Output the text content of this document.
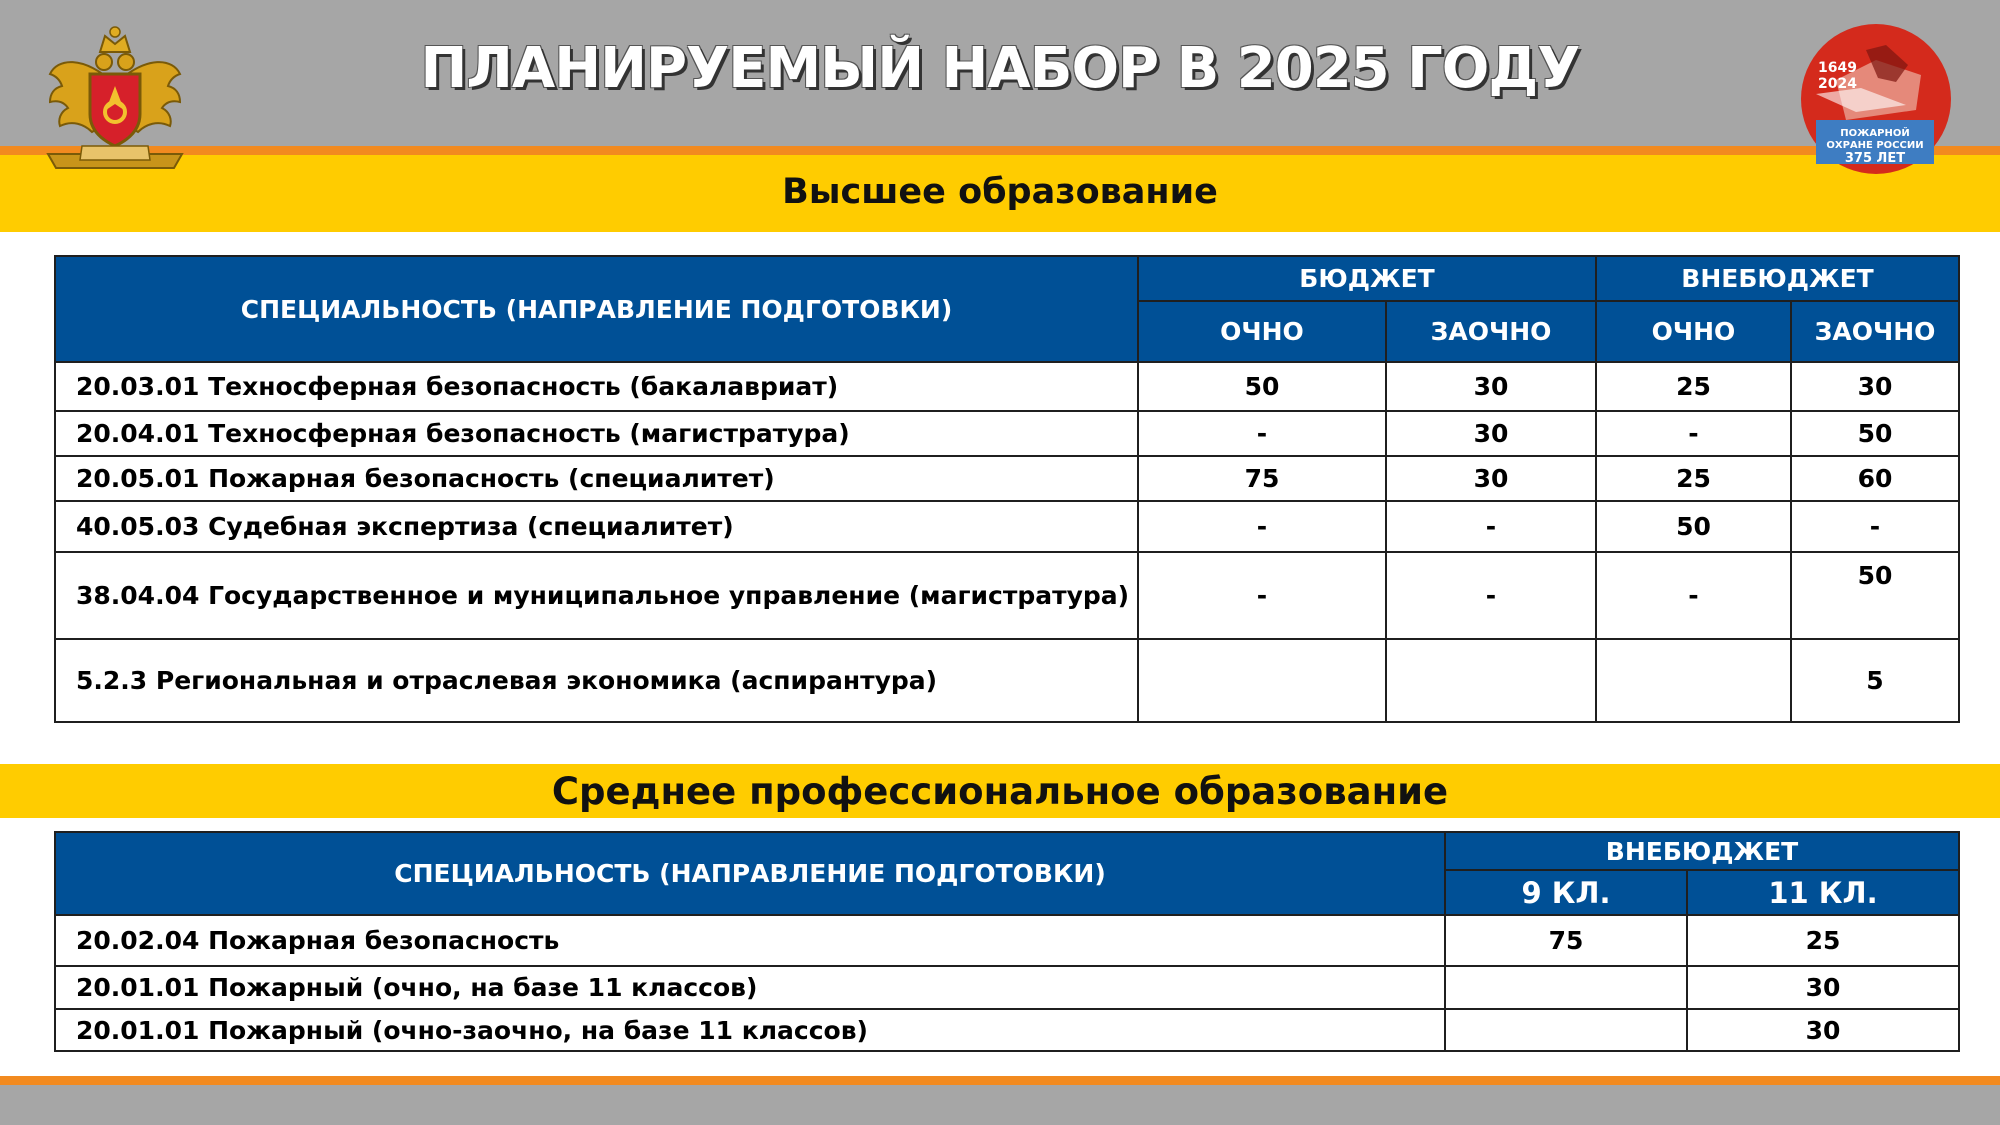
ПЛАНИРУЕМЫЙ НАБОР В 2025 ГОДУ	1649
2024
ПОЖАРНОЙ
ОХРАНЕ РОССИИ
375 ЛЕТ
Высшее образование
СПЕЦИАЛЬНОСТЬ (НАПРАВЛЕНИЕ ПОДГОТОВКИ)	БЮДЖЕТ		ВНЕБЮДЖЕТ	
	ОЧНО	ЗАОЧНО	ОЧНО	ЗАОЧНО
20.03.01 Техносферная безопасность (бакалавриат)	50	30	25	30
20.04.01 Техносферная безопасность (магистратура)	-	30	-	50
20.05.01 Пожарная безопасность (специалитет)	75	30	25	60
40.05.03 Судебная экспертиза (специалитет)	-	-	50	-
38.04.04 Государственное и муниципальное управление (магистратура)	-	-	-	50
5.2.3 Региональная и отраслевая экономика (аспирантура)				5
Среднее профессиональное образование
СПЕЦИАЛЬНОСТЬ (НАПРАВЛЕНИЕ ПОДГОТОВКИ)	ВНЕБЮДЖЕТ	
	9 КЛ.	11 КЛ.
20.02.04 Пожарная безопасность	75	25
20.01.01 Пожарный (очно, на базе 11 классов)		30
20.01.01 Пожарный (очно-заочно, на базе 11 классов)		30
